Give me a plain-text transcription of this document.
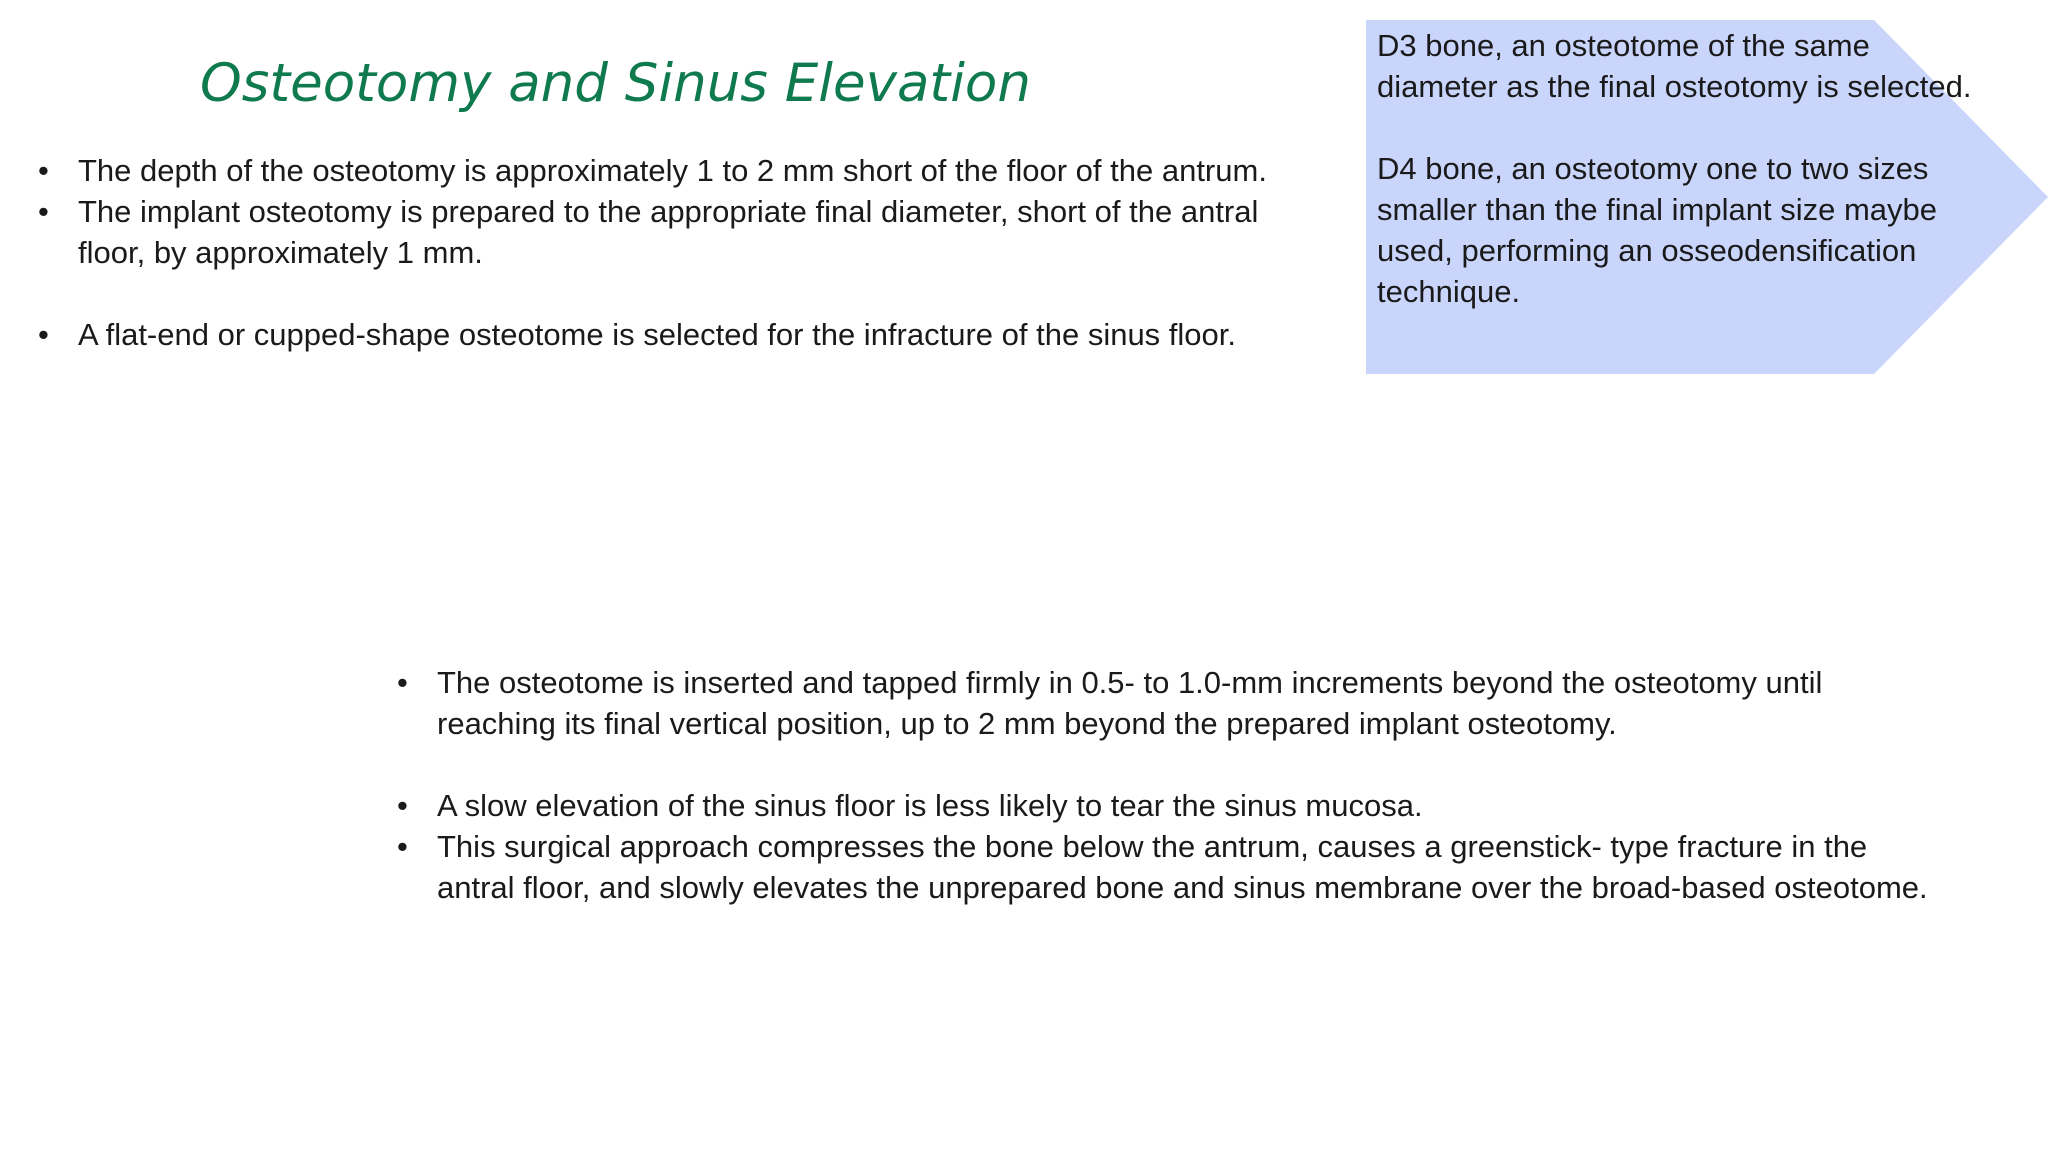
Osteotomy and Sinus Elevation
• The depth of the osteotomy is approximately 1 to 2 mm short of the floor of the antrum.
• The implant osteotomy is prepared to the appropriate final diameter, short of the antral floor, by approximately 1 mm.
• A flat-end or cupped-shape osteotome is selected for the infracture of the sinus floor.

D3 bone, an osteotome of the same diameter as the final osteotomy is selected.

D4 bone, an osteotomy one to two sizes smaller than the final implant size maybe used, performing an osseodensification technique.

• The osteotome is inserted and tapped firmly in 0.5- to 1.0-mm increments beyond the osteotomy until reaching its final vertical position, up to 2 mm beyond the prepared implant osteotomy.
• A slow elevation of the sinus floor is less likely to tear the sinus mucosa.
• This surgical approach compresses the bone below the antrum, causes a greenstick- type fracture in the antral floor, and slowly elevates the unprepared bone and sinus membrane over the broad-based osteotome.
